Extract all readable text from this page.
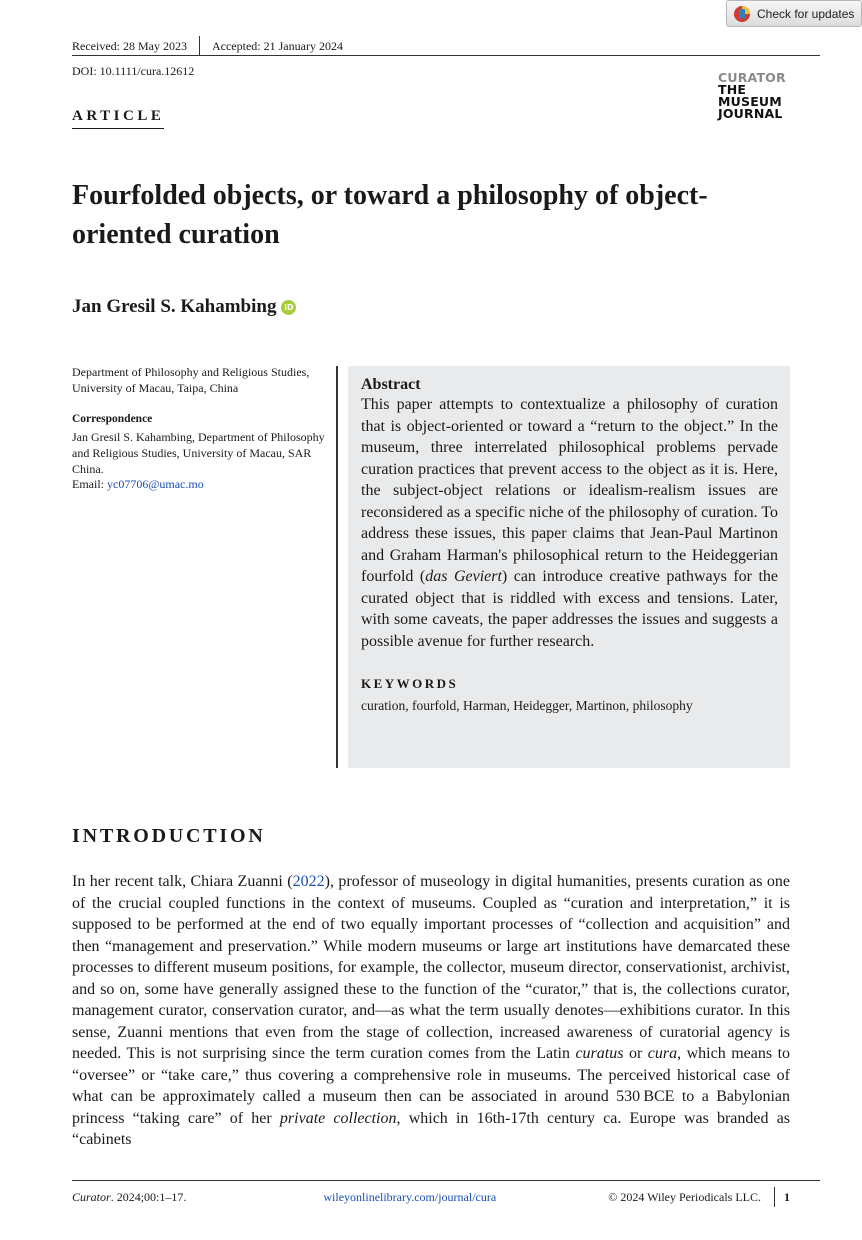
Check for updates
Received: 28 May 2023 Accepted: 21 January 2024
DOI: 10.1111/cura.12612	CURATOR
THE
MUSEUM
JOURNAL
ARTICLE
Fourfolded objects, or toward a philosophy of object-oriented curation
Jan Gresil S. Kahambing iD
Department of Philosophy and Religious Studies, University of Macau, Taipa, China
Correspondence
Jan Gresil S. Kahambing, Department of Philosophy and Religious Studies, University of Macau, SAR China.
Email: yc07706@umac.mo
Abstract
This paper attempts to contextualize a philosophy of curation that is object-oriented or toward a “return to the object.” In the museum, three interrelated philosophical problems pervade curation practices that prevent access to the object as it is. Here, the subject-object relations or idealism-realism issues are reconsidered as a specific niche of the philosophy of curation. To address these issues, this paper claims that Jean-Paul Martinon and Graham Harman's philosophical return to the Heideggerian fourfold (das Geviert) can introduce creative pathways for the curated object that is riddled with excess and tensions. Later, with some caveats, the paper addresses the issues and suggests a possible avenue for further research.
KEYWORDS
curation, fourfold, Harman, Heidegger, Martinon, philosophy
INTRODUCTION
In her recent talk, Chiara Zuanni (2022), professor of museology in digital humanities, presents curation as one of the crucial coupled functions in the context of museums. Coupled as “curation and interpretation,” it is supposed to be performed at the end of two equally important processes of “collection and acquisition” and then “management and preservation.” While modern museums or large art institutions have demarcated these processes to different museum positions, for example, the collector, museum director, conservationist, archivist, and so on, some have generally assigned these to the function of the “curator,” that is, the collections curator, management curator, conservation curator, and—as what the term usually denotes—exhibitions curator. In this sense, Zuanni mentions that even from the stage of collection, increased awareness of curatorial agency is needed. This is not surprising since the term curation comes from the Latin curatus or cura, which means to “oversee” or “take care,” thus covering a comprehensive role in museums. The perceived historical case of what can be approximately called a museum then can be associated in around 530 BCE to a Babylonian princess “taking care” of her private collection, which in 16th-17th century ca. Europe was branded as “cabinets
Curator. 2024;00:1–17.	wileyonlinelibrary.com/journal/cura	© 2024 Wiley Periodicals LLC. 1
